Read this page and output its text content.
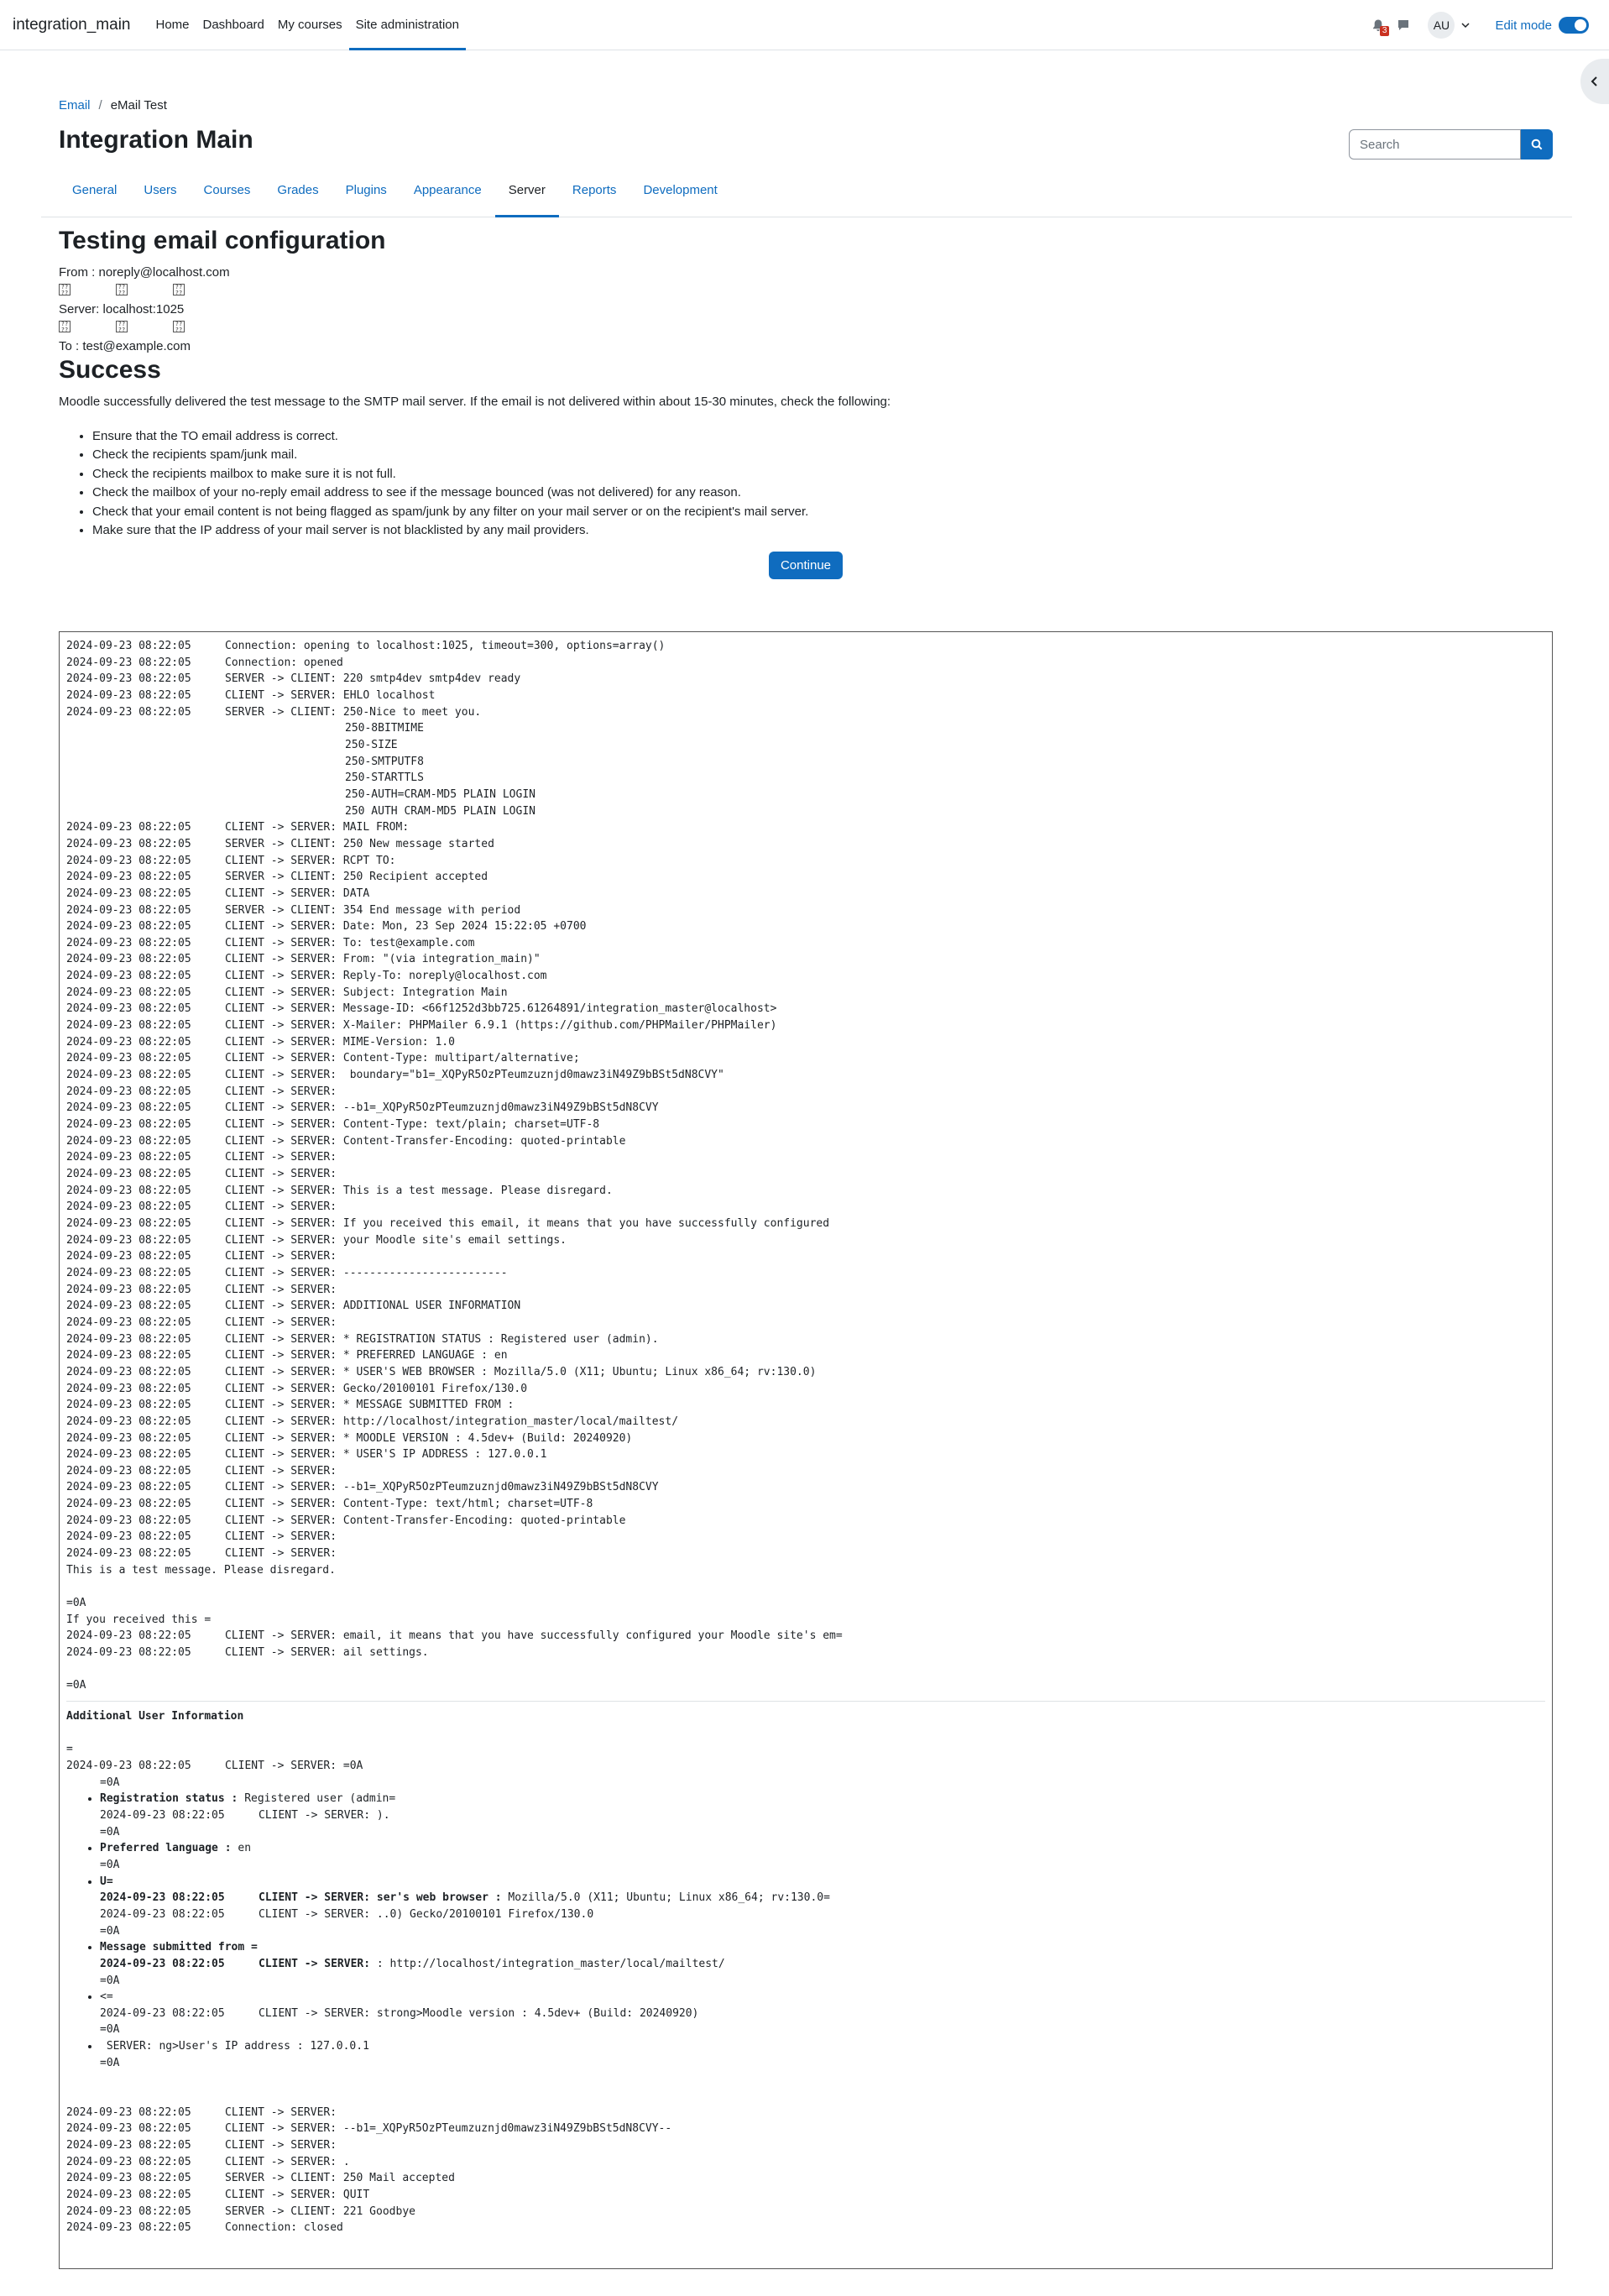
integration_main	Home	Dashboard	My courses	Site administration	3	AU	Edit mode
Email / eMail Test
Integration Main
Search
General	Users	Courses	Grades	Plugins	Appearance	Server	Reports	Development
Testing email configuration
From : noreply@localhost.com
??
??
??
??
??
??
Server: localhost:1025
??
??
??
??
??
??
To : test@example.com
Success
Moodle successfully delivered the test message to the SMTP mail server. If the email is not delivered within about 15-30 minutes, check the following:
• Ensure that the TO email address is correct.
• Check the recipients spam/junk mail.
• Check the recipients mailbox to make sure it is not full.
• Check the mailbox of your no-reply email address to see if the message bounced (was not delivered) for any reason.
• Check that your email content is not being flagged as spam/junk by any filter on your mail server or on the recipient's mail server.
• Make sure that the IP address of your mail server is not blacklisted by any mail providers.
Continue
2024-09-23 08:22:05	Connection: opening to localhost:1025, timeout=300, options=array()
2024-09-23 08:22:05	Connection: opened
2024-09-23 08:22:05	SERVER -> CLIENT: 220 smtp4dev smtp4dev ready
2024-09-23 08:22:05	CLIENT -> SERVER: EHLO localhost
2024-09-23 08:22:05	SERVER -> CLIENT: 250-Nice to meet you.
250-8BITMIME
250-SIZE
250-SMTPUTF8
250-STARTTLS
250-AUTH=CRAM-MD5 PLAIN LOGIN
250 AUTH CRAM-MD5 PLAIN LOGIN
2024-09-23 08:22:05	CLIENT -> SERVER: MAIL FROM:
2024-09-23 08:22:05	SERVER -> CLIENT: 250 New message started
2024-09-23 08:22:05	CLIENT -> SERVER: RCPT TO:
2024-09-23 08:22:05	SERVER -> CLIENT: 250 Recipient accepted
2024-09-23 08:22:05	CLIENT -> SERVER: DATA
2024-09-23 08:22:05	SERVER -> CLIENT: 354 End message with period
2024-09-23 08:22:05	CLIENT -> SERVER: Date: Mon, 23 Sep 2024 15:22:05 +0700
2024-09-23 08:22:05	CLIENT -> SERVER: To: test@example.com
2024-09-23 08:22:05	CLIENT -> SERVER: From: "(via integration_main)"
2024-09-23 08:22:05	CLIENT -> SERVER: Reply-To: noreply@localhost.com
2024-09-23 08:22:05	CLIENT -> SERVER: Subject: Integration Main
2024-09-23 08:22:05	CLIENT -> SERVER: Message-ID: <66f1252d3bb725.61264891/integration_master@localhost>
2024-09-23 08:22:05	CLIENT -> SERVER: X-Mailer: PHPMailer 6.9.1 (https://github.com/PHPMailer/PHPMailer)
2024-09-23 08:22:05	CLIENT -> SERVER: MIME-Version: 1.0
2024-09-23 08:22:05	CLIENT -> SERVER: Content-Type: multipart/alternative;
2024-09-23 08:22:05	CLIENT -> SERVER:  boundary="b1=_XQPyR5OzPTeumzuznjd0mawz3iN49Z9bBSt5dN8CVY"
2024-09-23 08:22:05	CLIENT -> SERVER:
2024-09-23 08:22:05	CLIENT -> SERVER: --b1=_XQPyR5OzPTeumzuznjd0mawz3iN49Z9bBSt5dN8CVY
2024-09-23 08:22:05	CLIENT -> SERVER: Content-Type: text/plain; charset=UTF-8
2024-09-23 08:22:05	CLIENT -> SERVER: Content-Transfer-Encoding: quoted-printable
2024-09-23 08:22:05	CLIENT -> SERVER:
2024-09-23 08:22:05	CLIENT -> SERVER:
2024-09-23 08:22:05	CLIENT -> SERVER: This is a test message. Please disregard.
2024-09-23 08:22:05	CLIENT -> SERVER:
2024-09-23 08:22:05	CLIENT -> SERVER: If you received this email, it means that you have successfully configured
2024-09-23 08:22:05	CLIENT -> SERVER: your Moodle site's email settings.
2024-09-23 08:22:05	CLIENT -> SERVER:
2024-09-23 08:22:05	CLIENT -> SERVER: -------------------------
2024-09-23 08:22:05	CLIENT -> SERVER:
2024-09-23 08:22:05	CLIENT -> SERVER: ADDITIONAL USER INFORMATION
2024-09-23 08:22:05	CLIENT -> SERVER:
2024-09-23 08:22:05	CLIENT -> SERVER: * REGISTRATION STATUS : Registered user (admin).
2024-09-23 08:22:05	CLIENT -> SERVER: * PREFERRED LANGUAGE : en
2024-09-23 08:22:05	CLIENT -> SERVER: * USER'S WEB BROWSER : Mozilla/5.0 (X11; Ubuntu; Linux x86_64; rv:130.0)
2024-09-23 08:22:05	CLIENT -> SERVER: Gecko/20100101 Firefox/130.0
2024-09-23 08:22:05	CLIENT -> SERVER: * MESSAGE SUBMITTED FROM :
2024-09-23 08:22:05	CLIENT -> SERVER: http://localhost/integration_master/local/mailtest/
2024-09-23 08:22:05	CLIENT -> SERVER: * MOODLE VERSION : 4.5dev+ (Build: 20240920)
2024-09-23 08:22:05	CLIENT -> SERVER: * USER'S IP ADDRESS : 127.0.0.1
2024-09-23 08:22:05	CLIENT -> SERVER:
2024-09-23 08:22:05	CLIENT -> SERVER: --b1=_XQPyR5OzPTeumzuznjd0mawz3iN49Z9bBSt5dN8CVY
2024-09-23 08:22:05	CLIENT -> SERVER: Content-Type: text/html; charset=UTF-8
2024-09-23 08:22:05	CLIENT -> SERVER: Content-Transfer-Encoding: quoted-printable
2024-09-23 08:22:05	CLIENT -> SERVER:
2024-09-23 08:22:05	CLIENT -> SERVER:
This is a test message. Please disregard.

=0A
If you received this =
2024-09-23 08:22:05	CLIENT -> SERVER: email, it means that you have successfully configured your Moodle site's em=
2024-09-23 08:22:05	CLIENT -> SERVER: ail settings.

=0A

Additional User Information

=
2024-09-23 08:22:05	CLIENT -> SERVER: =0A
=0A
• Registration status : Registered user (admin=
2024-09-23 08:22:05	CLIENT -> SERVER: ).
=0A
• Preferred language : en
=0A
• U=
2024-09-23 08:22:05	CLIENT -> SERVER: ser's web browser : Mozilla/5.0 (X11; Ubuntu; Linux x86_64; rv:130.0=
2024-09-23 08:22:05	CLIENT -> SERVER: ..0) Gecko/20100101 Firefox/130.0
=0A
• Message submitted from =
2024-09-23 08:22:05	CLIENT -> SERVER: : http://localhost/integration_master/local/mailtest/
=0A
• <=
2024-09-23 08:22:05	CLIENT -> SERVER: strong>Moodle version : 4.5dev+ (Build: 20240920)
=0A
•  SERVER: ng>User's IP address : 127.0.0.1
=0A

2024-09-23 08:22:05	CLIENT -> SERVER:
2024-09-23 08:22:05	CLIENT -> SERVER: --b1=_XQPyR5OzPTeumzuznjd0mawz3iN49Z9bBSt5dN8CVY--
2024-09-23 08:22:05	CLIENT -> SERVER:
2024-09-23 08:22:05	CLIENT -> SERVER: .
2024-09-23 08:22:05	SERVER -> CLIENT: 250 Mail accepted
2024-09-23 08:22:05	CLIENT -> SERVER: QUIT
2024-09-23 08:22:05	SERVER -> CLIENT: 221 Goodbye
2024-09-23 08:22:05	Connection: closed
